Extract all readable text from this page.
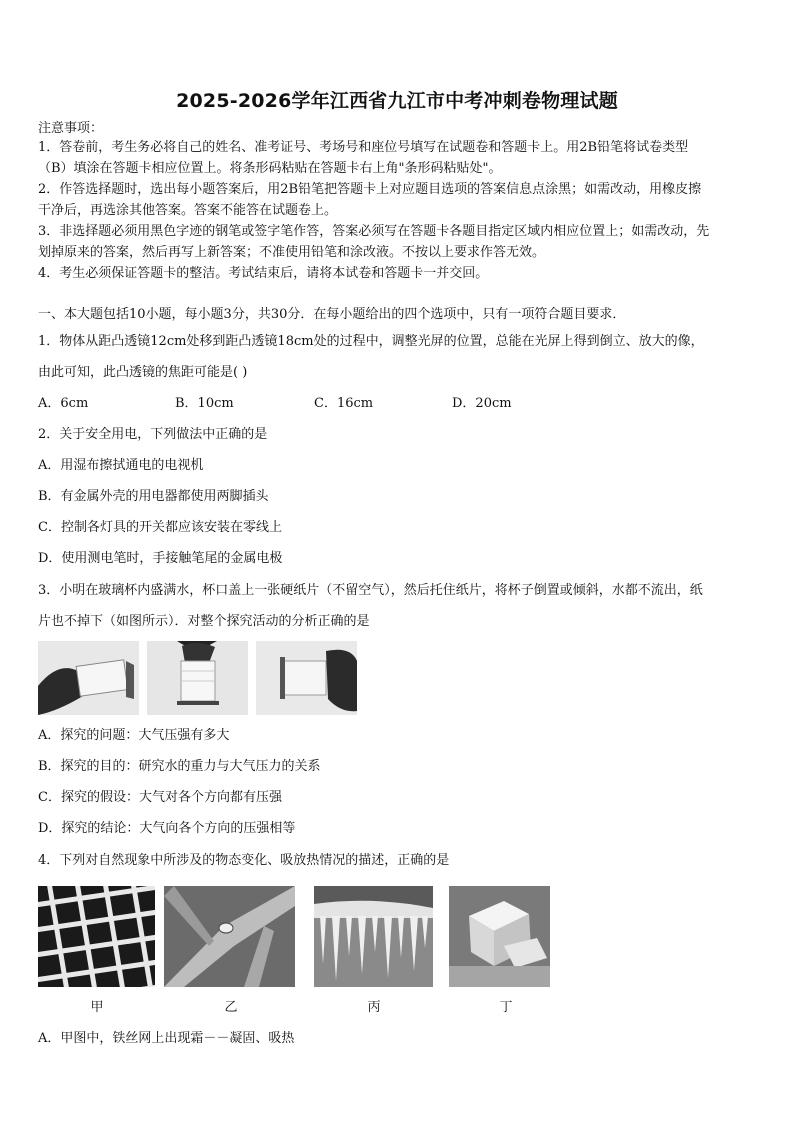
2025-2026学年江西省九江市中考冲刺卷物理试题
注意事项：
1．答卷前，考生务必将自己的姓名、准考证号、考场号和座位号填写在试题卷和答题卡上。用2B铅笔将试卷类型
（B）填涂在答题卡相应位置上。将条形码粘贴在答题卡右上角"条形码粘贴处"。
2．作答选择题时，选出每小题答案后，用2B铅笔把答题卡上对应题目选项的答案信息点涂黑；如需改动，用橡皮擦
干净后，再选涂其他答案。答案不能答在试题卷上。
3．非选择题必须用黑色字迹的钢笔或签字笔作答，答案必须写在答题卡各题目指定区域内相应位置上；如需改动，先
划掉原来的答案，然后再写上新答案；不准使用铅笔和涂改液。不按以上要求作答无效。
4．考生必须保证答题卡的整洁。考试结束后，请将本试卷和答题卡一并交回。
一、本大题包括10小题，每小题3分，共30分．在每小题给出的四个选项中，只有一项符合题目要求．
1．物体从距凸透镜12cm处移到距凸透镜18cm处的过程中，调整光屏的位置，总能在光屏上得到倒立、放大的像，
由此可知，此凸透镜的焦距可能是( )
A．6cm	B．10cm	C．16cm	D．20cm
2．关于安全用电，下列做法中正确的是
A．用湿布擦拭通电的电视机
B．有金属外壳的用电器都使用两脚插头
C．控制各灯具的开关都应该安装在零线上
D．使用测电笔时，手接触笔尾的金属电极
3．小明在玻璃杯内盛满水，杯口盖上一张硬纸片（不留空气），然后托住纸片，将杯子倒置或倾斜，水都不流出，纸
片也不掉下（如图所示）．对整个探究活动的分析正确的是
A．探究的问题：大气压强有多大
B．探究的目的：研究水的重力与大气压力的关系
C．探究的假设：大气对各个方向都有压强
D．探究的结论：大气向各个方向的压强相等
4．下列对自然现象中所涉及的物态变化、吸放热情况的描述，正确的是
甲	乙	丙	丁
A．甲图中，铁丝网上出现霜－－凝固、吸热
